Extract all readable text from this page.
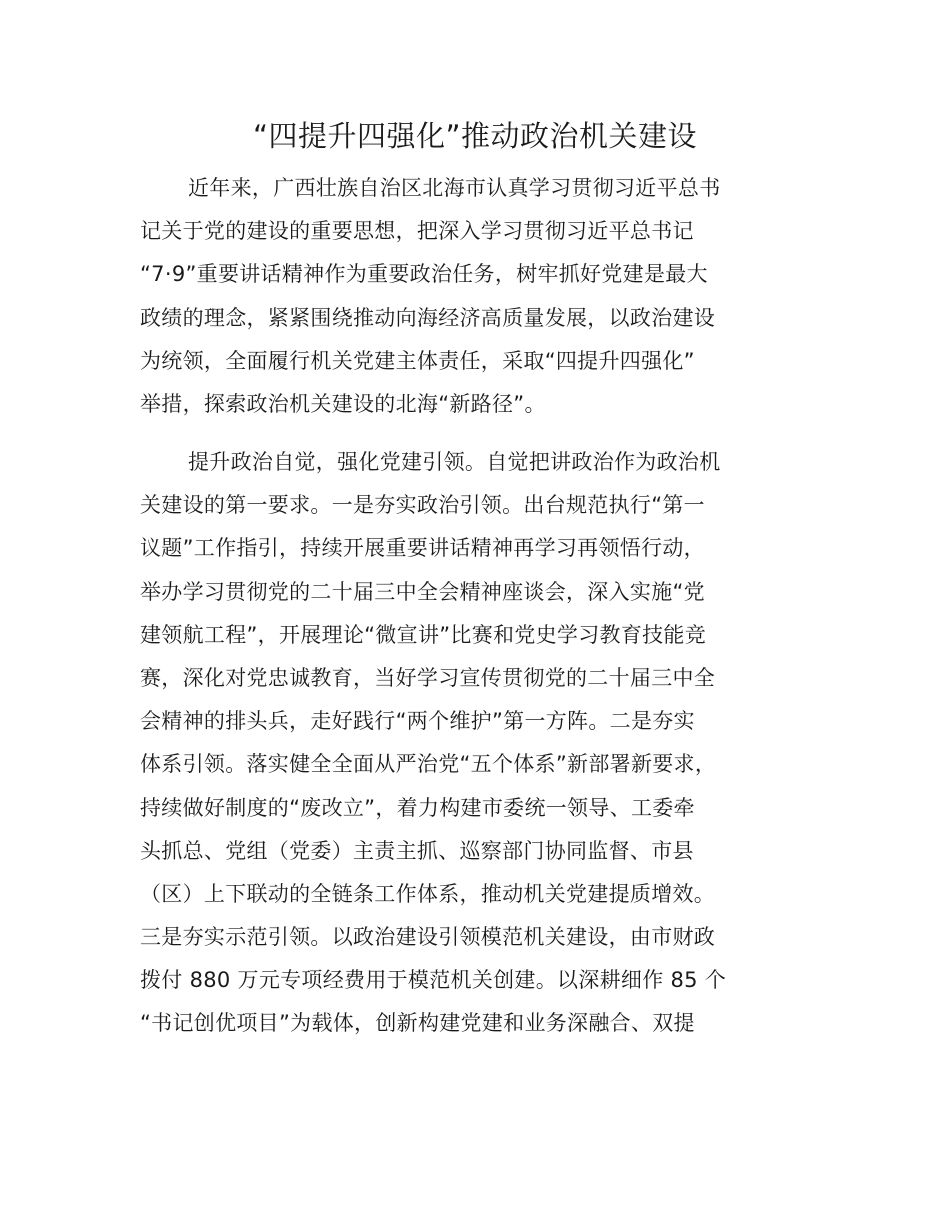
“四提升四强化”推动政治机关建设
近年来，广西壮族自治区北海市认真学习贯彻习近平总书
记关于党的建设的重要思想，把深入学习贯彻习近平总书记
“7·9”重要讲话精神作为重要政治任务，树牢抓好党建是最大
政绩的理念，紧紧围绕推动向海经济高质量发展，以政治建设
为统领，全面履行机关党建主体责任，采取“四提升四强化”
举措，探索政治机关建设的北海“新路径”。
提升政治自觉，强化党建引领。自觉把讲政治作为政治机
关建设的第一要求。一是夯实政治引领。出台规范执行“第一
议题”工作指引，持续开展重要讲话精神再学习再领悟行动，
举办学习贯彻党的二十届三中全会精神座谈会，深入实施“党
建领航工程”，开展理论“微宣讲”比赛和党史学习教育技能竞
赛，深化对党忠诚教育，当好学习宣传贯彻党的二十届三中全
会精神的排头兵，走好践行“两个维护”第一方阵。二是夯实
体系引领。落实健全全面从严治党“五个体系”新部署新要求，
持续做好制度的“废改立”，着力构建市委统一领导、工委牵
头抓总、党组（党委）主责主抓、巡察部门协同监督、市县
（区）上下联动的全链条工作体系，推动机关党建提质增效。
三是夯实示范引领。以政治建设引领模范机关建设，由市财政
拨付 880 万元专项经费用于模范机关创建。以深耕细作 85 个
“书记创优项目”为载体，创新构建党建和业务深融合、双提
